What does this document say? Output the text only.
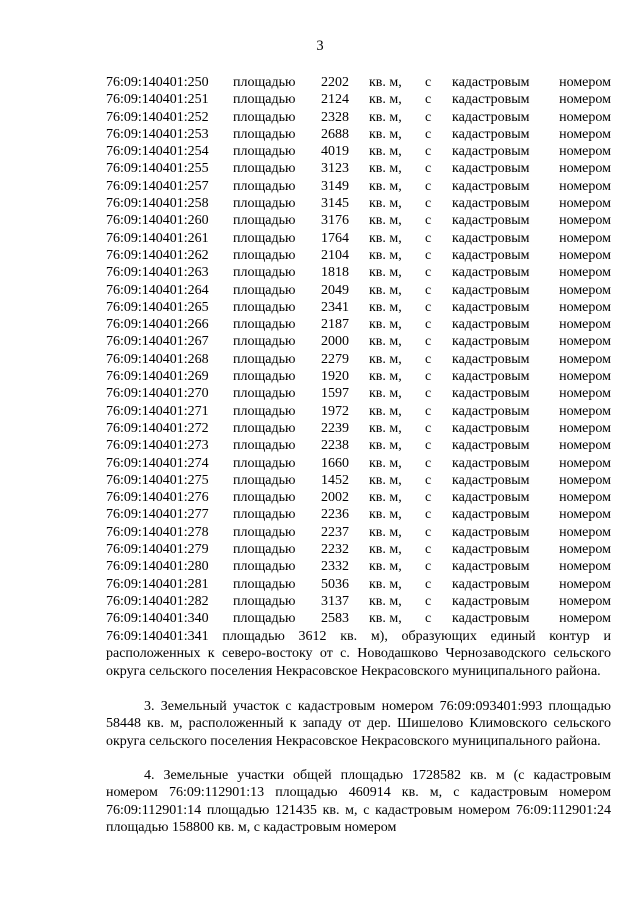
3
76:09:140401:250 площадью 2202 кв. м, с кадастровым номером
76:09:140401:251 площадью 2124 кв. м, с кадастровым номером
76:09:140401:252 площадью 2328 кв. м, с кадастровым номером
76:09:140401:253 площадью 2688 кв. м, с кадастровым номером
76:09:140401:254 площадью 4019 кв. м, с кадастровым номером
76:09:140401:255 площадью 3123 кв. м, с кадастровым номером
76:09:140401:257 площадью 3149 кв. м, с кадастровым номером
76:09:140401:258 площадью 3145 кв. м, с кадастровым номером
76:09:140401:260 площадью 3176 кв. м, с кадастровым номером
76:09:140401:261 площадью 1764 кв. м, с кадастровым номером
76:09:140401:262 площадью 2104 кв. м, с кадастровым номером
76:09:140401:263 площадью 1818 кв. м, с кадастровым номером
76:09:140401:264 площадью 2049 кв. м, с кадастровым номером
76:09:140401:265 площадью 2341 кв. м, с кадастровым номером
76:09:140401:266 площадью 2187 кв. м, с кадастровым номером
76:09:140401:267 площадью 2000 кв. м, с кадастровым номером
76:09:140401:268 площадью 2279 кв. м, с кадастровым номером
76:09:140401:269 площадью 1920 кв. м, с кадастровым номером
76:09:140401:270 площадью 1597 кв. м, с кадастровым номером
76:09:140401:271 площадью 1972 кв. м, с кадастровым номером
76:09:140401:272 площадью 2239 кв. м, с кадастровым номером
76:09:140401:273 площадью 2238 кв. м, с кадастровым номером
76:09:140401:274 площадью 1660 кв. м, с кадастровым номером
76:09:140401:275 площадью 1452 кв. м, с кадастровым номером
76:09:140401:276 площадью 2002 кв. м, с кадастровым номером
76:09:140401:277 площадью 2236 кв. м, с кадастровым номером
76:09:140401:278 площадью 2237 кв. м, с кадастровым номером
76:09:140401:279 площадью 2232 кв. м, с кадастровым номером
76:09:140401:280 площадью 2332 кв. м, с кадастровым номером
76:09:140401:281 площадью 5036 кв. м, с кадастровым номером
76:09:140401:282 площадью 3137 кв. м, с кадастровым номером
76:09:140401:340 площадью 2583 кв. м, с кадастровым номером

76:09:140401:341 площадью 3612 кв. м), образующих единый контур и расположенных к северо-востоку от с. Новодашково Чернозаводского сельского округа сельского поселения Некрасовское Некрасовского муниципального района.

3. Земельный участок с кадастровым номером 76:09:093401:993 площадью 58448 кв. м, расположенный к западу от дер. Шишелово Климовского сельского округа сельского поселения Некрасовское Некрасовского муниципального района.

4. Земельные участки общей площадью 1728582 кв. м (с кадастровым номером 76:09:112901:13 площадью 460914 кв. м, с кадастровым номером 76:09:112901:14 площадью 121435 кв. м, с кадастровым номером 76:09:112901:24 площадью 158800 кв. м, с кадастровым номером
